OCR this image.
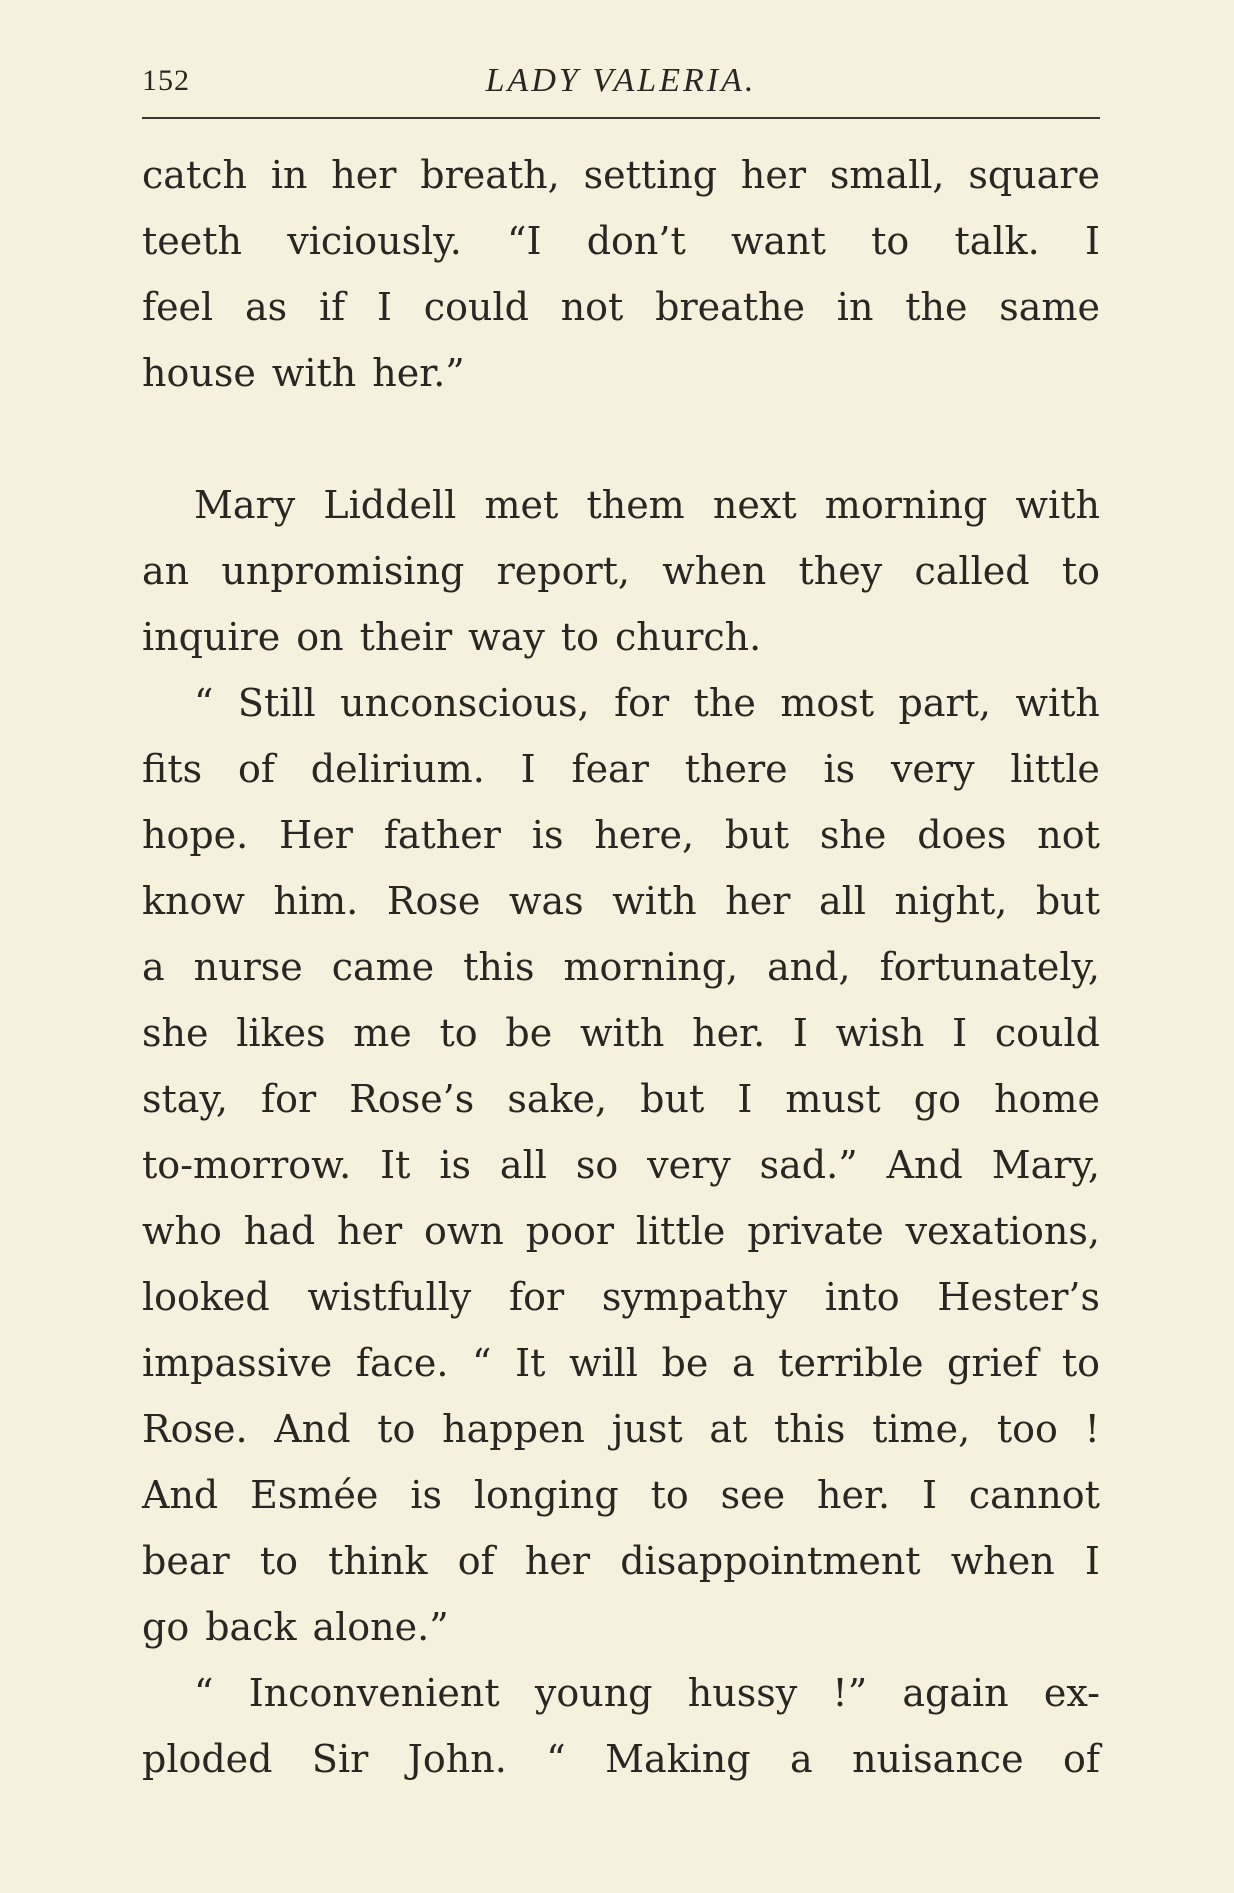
152	LADY VALERIA.
catch in her breath, setting her small, square
teeth viciously. “I don’t want to talk. I
feel as if I could not breathe in the same
house with her.”
Mary Liddell met them next morning with
an unpromising report, when they called to
inquire on their way to church.
“ Still unconscious, for the most part, with
fits of delirium. I fear there is very little
hope. Her father is here, but she does not
know him. Rose was with her all night, but
a nurse came this morning, and, fortunately,
she likes me to be with her. I wish I could
stay, for Rose’s sake, but I must go home
to-morrow. It is all so very sad.” And Mary,
who had her own poor little private vexations,
looked wistfully for sympathy into Hester’s
impassive face. “ It will be a terrible grief to
Rose. And to happen just at this time, too !
And Esmée is longing to see her. I cannot
bear to think of her disappointment when I
go back alone.”
“ Inconvenient young hussy !” again ex-
ploded Sir John. “ Making a nuisance of
